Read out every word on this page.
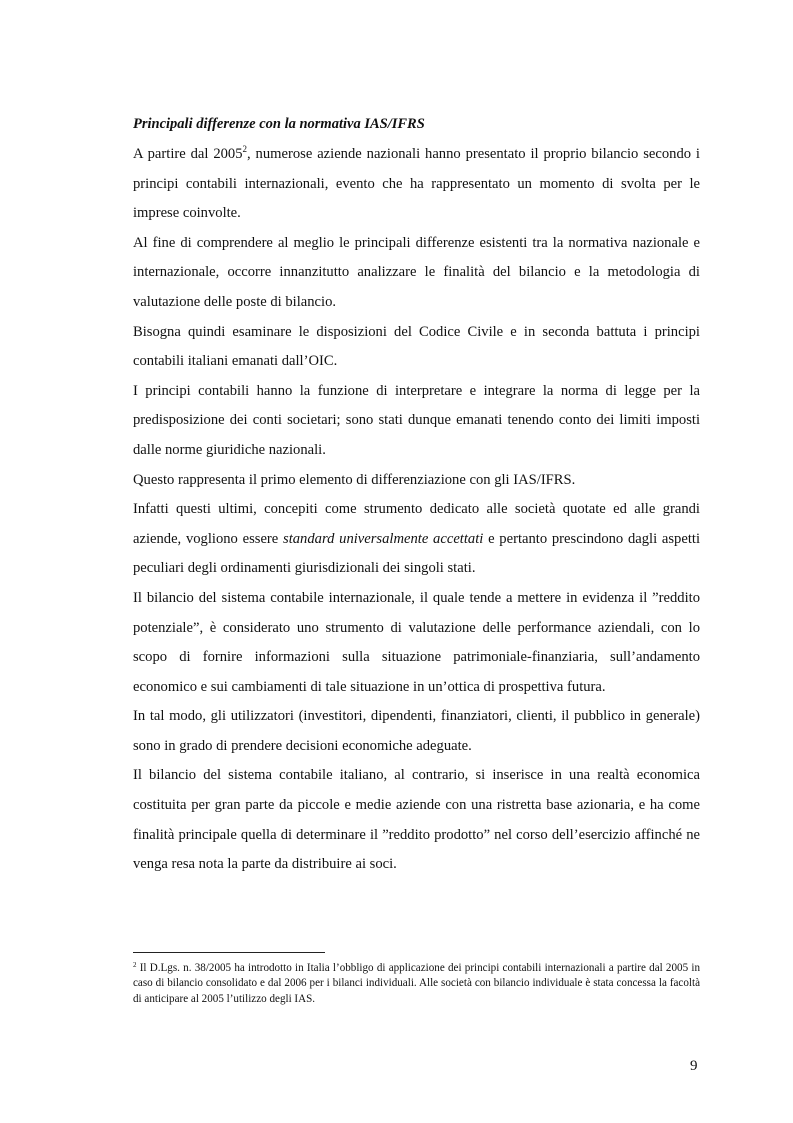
Principali differenze con la normativa IAS/IFRS

A partire dal 2005$^2$, numerose aziende nazionali hanno presentato il proprio bilancio secondo i principi contabili internazionali, evento che ha rappresentato un momento di svolta per le imprese coinvolte.

Al fine di comprendere al meglio le principali differenze esistenti tra la normativa nazionale e internazionale, occorre innanzitutto analizzare le finalità del bilancio e la metodologia di valutazione delle poste di bilancio.

Bisogna quindi esaminare le disposizioni del Codice Civile e in seconda battuta i principi contabili italiani emanati dall’OIC.

I principi contabili hanno la funzione di interpretare e integrare la norma di legge per la predisposizione dei conti societari; sono stati dunque emanati tenendo conto dei limiti imposti dalle norme giuridiche nazionali.

Questo rappresenta il primo elemento di differenziazione con gli IAS/IFRS.

Infatti questi ultimi, concepiti come strumento dedicato alle società quotate ed alle grandi aziende, vogliono essere standard universalmente accettati e pertanto prescindono dagli aspetti peculiari degli ordinamenti giurisdizionali dei singoli stati.

Il bilancio del sistema contabile internazionale, il quale tende a mettere in evidenza il ”reddito potenziale”, è considerato uno strumento di valutazione delle performance aziendali, con lo scopo di fornire informazioni sulla situazione patrimoniale-finanziaria, sull’andamento economico e sui cambiamenti di tale situazione in un’ottica di prospettiva futura.

In tal modo, gli utilizzatori (investitori, dipendenti, finanziatori, clienti, il pubblico in generale) sono in grado di prendere decisioni economiche adeguate.

Il bilancio del sistema contabile italiano, al contrario, si inserisce in una realtà economica costituita per gran parte da piccole e medie aziende con una ristretta base azionaria, e ha come finalità principale quella di determinare il ”reddito prodotto” nel corso dell’esercizio affinché ne venga resa nota la parte da distribuire ai soci.

$^2$ Il D.Lgs. n. 38/2005 ha introdotto in Italia l’obbligo di applicazione dei principi contabili internazionali a partire dal 2005 in caso di bilancio consolidato e dal 2006 per i bilanci individuali. Alle società con bilancio individuale è stata concessa la facoltà di anticipare al 2005 l’utilizzo degli IAS.
9
